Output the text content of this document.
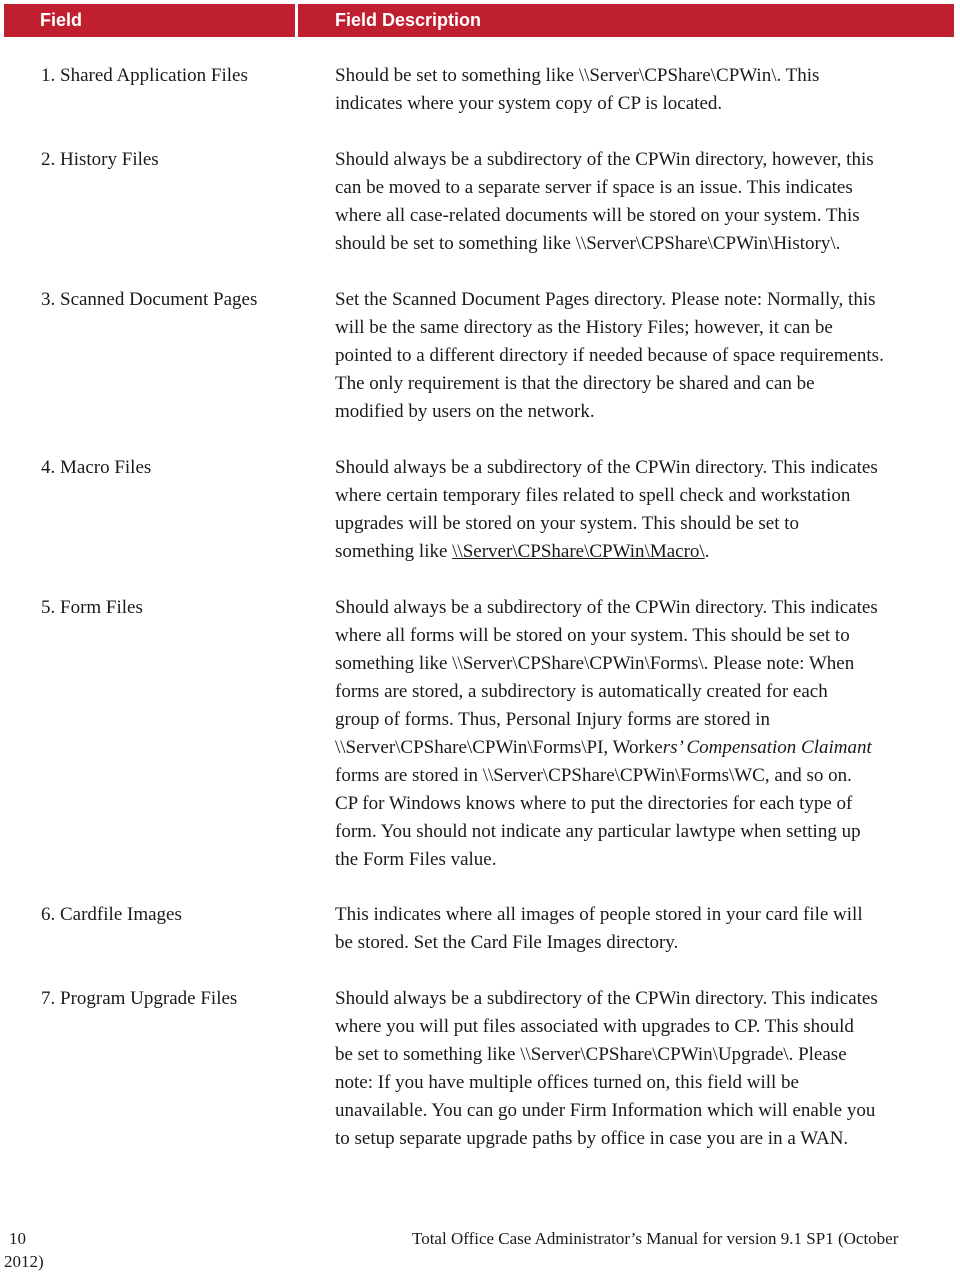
Field	Field Description
1. Shared Application Files	Should be set to something like \\Server\CPShare\CPWin\. This
indicates where your system copy of CP is located.
2. History Files	Should always be a subdirectory of the CPWin directory, however, this
can be moved to a separate server if space is an issue. This indicates
where all case-related documents will be stored on your system. This
should be set to something like \\Server\CPShare\CPWin\History\.
3. Scanned Document Pages	Set the Scanned Document Pages directory. Please note: Normally, this
will be the same directory as the History Files; however, it can be
pointed to a different directory if needed because of space requirements.
The only requirement is that the directory be shared and can be
modified by users on the network.
4. Macro Files	Should always be a subdirectory of the CPWin directory. This indicates
where certain temporary files related to spell check and workstation
upgrades will be stored on your system. This should be set to
something like \\Server\CPShare\CPWin\Macro\.
5. Form Files	Should always be a subdirectory of the CPWin directory. This indicates
where all forms will be stored on your system. This should be set to
something like \\Server\CPShare\CPWin\Forms\. Please note: When
forms are stored, a subdirectory is automatically created for each
group of forms. Thus, Personal Injury forms are stored in
\\Server\CPShare\CPWin\Forms\PI, Workers’ Compensation Claimant
forms are stored in \\Server\CPShare\CPWin\Forms\WC, and so on.
CP for Windows knows where to put the directories for each type of
form. You should not indicate any particular lawtype when setting up
the Form Files value.
6. Cardfile Images	This indicates where all images of people stored in your card file will
be stored. Set the Card File Images directory.
7. Program Upgrade Files	Should always be a subdirectory of the CPWin directory. This indicates
where you will put files associated with upgrades to CP. This should
be set to something like \\Server\CPShare\CPWin\Upgrade\. Please
note: If you have multiple offices turned on, this field will be
unavailable. You can go under Firm Information which will enable you
to setup separate upgrade paths by office in case you are in a WAN.
10	Total Office Case Administrator’s Manual for version 9.1 SP1 (October
2012)
